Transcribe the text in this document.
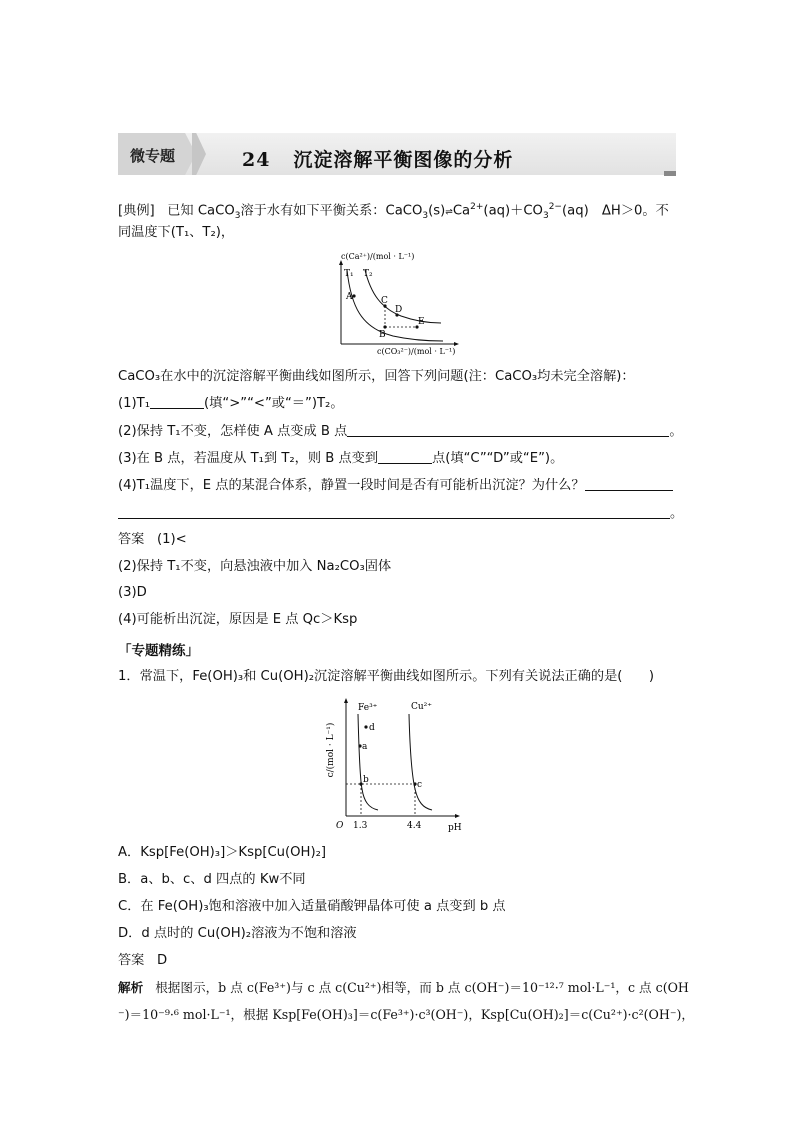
微专题	24 沉淀溶解平衡图像的分析
[典例] 已知 CaCO$_3$溶于水有如下平衡关系：$CaCO_3(s)\rightleftharpoons Ca^{2+}(aq)+CO_3^{2-}(aq)$　ΔH＞0。不
同温度下(T₁、T₂)，
c(Ca²⁺)/(mol · L⁻¹)
T₁ T₂
A
B
C
D
E
c(CO₃²⁻)/(mol · L⁻¹)
CaCO₃在水中的沉淀溶解平衡曲线如图所示，回答下列问题(注：CaCO₃均未完全溶解)：
(1)T₁	(填“>”“<”或“＝”)T₂。
(2)保持 T₁不变，怎样使 A 点变成 B 点	。
(3)在 B 点，若温度从 T₁到 T₂，则 B 点变到	点(填“C”“D”或“E”)。
(4)T₁温度下，E 点的某混合体系，静置一段时间是否有可能析出沉淀？为什么？
。
答案 (1)<
(2)保持 T₁不变，向悬浊液中加入 Na₂CO₃固体
(3)D
(4)可能析出沉淀，原因是 E 点 Qc＞Ksp
「专题精练」
1．常温下，Fe(OH)₃和 Cu(OH)₂沉淀溶解平衡曲线如图所示。下列有关说法正确的是(　　)
c/(mol · L⁻¹)
Fe³⁺	Cu²⁺
a
b	c
d
O 1.3	4.4	pH
A．Ksp[Fe(OH)₃]＞Ksp[Cu(OH)₂]
B．a、b、c、d 四点的 Kw不同
C．在 Fe(OH)₃饱和溶液中加入适量硝酸钾晶体可使 a 点变到 b 点
D．d 点时的 Cu(OH)₂溶液为不饱和溶液
答案 D
解析 根据图示，b 点 c(Fe³⁺)与 c 点 c(Cu²⁺)相等，而 b 点 c(OH⁻)＝10⁻¹²·⁷ mol·L⁻¹，c 点 c(OH
⁻)＝10⁻⁹·⁶ mol·L⁻¹，根据 Ksp[Fe(OH)₃]＝c(Fe³⁺)·c³(OH⁻)，Ksp[Cu(OH)₂]＝c(Cu²⁺)·c²(OH⁻)，
